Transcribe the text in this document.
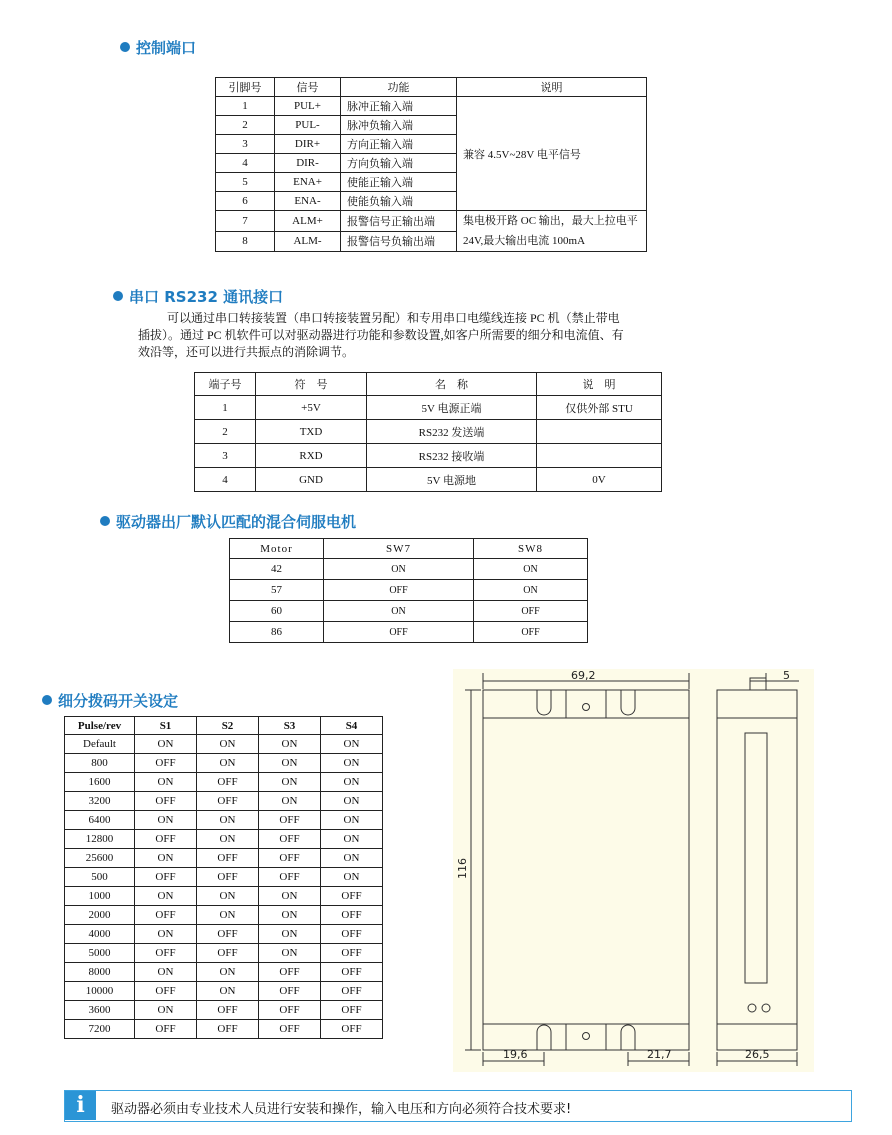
控制端口
引脚号	信号	功能	说明
1	PUL+	脉冲正输入端	兼容 4.5V~28V 电平信号
2	PUL-	脉冲负输入端	
3	DIR+	方向正输入端	
4	DIR-	方向负输入端	
5	ENA+	使能正输入端	
6	ENA-	使能负输入端	
7	ALM+	报警信号正输出端	集电极开路 OC 输出，最大上拉电平 24V,最大输出电流 100mA
8	ALM-	报警信号负输出端	
串口 RS232 通讯接口
可以通过串口转接装置（串口转接装置另配）和专用串口电缆线连接 PC 机（禁止带电
插拔）。通过 PC 机软件可以对驱动器进行功能和参数设置,如客户所需要的细分和电流值、有
效沿等，还可以进行共振点的消除调节。
端子号	符　号	名　称	说　明
1	+5V	5V 电源正端	仅供外部 STU
2	TXD	RS232 发送端	
3	RXD	RS232 接收端	
4	GND	5V 电源地	0V
驱动器出厂默认匹配的混合伺服电机
Motor	SW7	SW8
42	ON	ON
57	OFF	ON
60	ON	OFF
86	OFF	OFF
细分拨码开关设定
Pulse/rev	S1	S2	S3	S4
Default	ON	ON	ON	ON
800	OFF	ON	ON	ON
1600	ON	OFF	ON	ON
3200	OFF	OFF	ON	ON
6400	ON	ON	OFF	ON
12800	OFF	ON	OFF	ON
25600	ON	OFF	OFF	ON
500	OFF	OFF	OFF	ON
1000	ON	ON	ON	OFF
2000	OFF	ON	ON	OFF
4000	ON	OFF	ON	OFF
5000	OFF	OFF	ON	OFF
8000	ON	ON	OFF	OFF
10000	OFF	ON	OFF	OFF
3600	ON	OFF	OFF	OFF
7200	OFF	OFF	OFF	OFF
69,2	5
116
19,6	21,7	26,5
i	驱动器必须由专业技术人员进行安装和操作，输入电压和方向必须符合技术要求!
